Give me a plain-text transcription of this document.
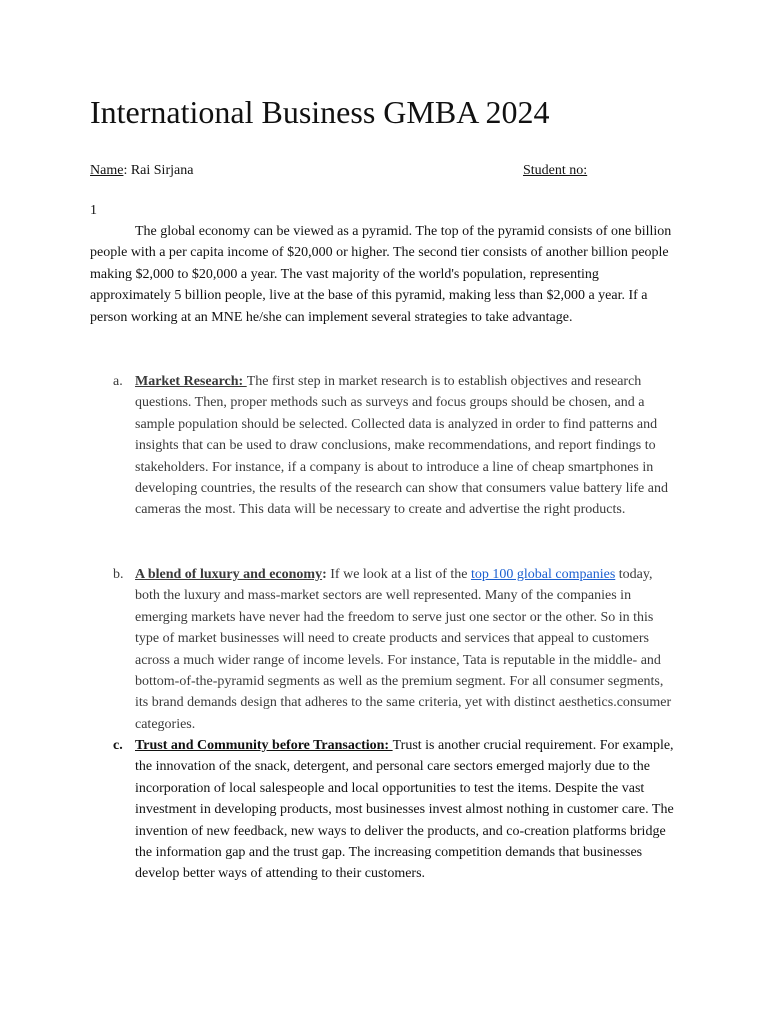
International Business GMBA 2024
Name: Rai Sirjana	Student no:
1

The global economy can be viewed as a pyramid. The top of the pyramid consists of one billion people with a per capita income of $20,000 or higher. The second tier consists of another billion people making $2,000 to $20,000 a year. The vast majority of the world's population, representing approximately 5 billion people, live at the base of this pyramid, making less than $2,000 a year. If a person working at an MNE he/she can implement several strategies to take advantage.

a. Market Research: The first step in market research is to establish objectives and research questions. Then, proper methods such as surveys and focus groups should be chosen, and a sample population should be selected. Collected data is analyzed in order to find patterns and insights that can be used to draw conclusions, make recommendations, and report findings to stakeholders. For instance, if a company is about to introduce a line of cheap smartphones in developing countries, the results of the research can show that consumers value battery life and cameras the most. This data will be necessary to create and advertise the right products.

b. A blend of luxury and economy: If we look at a list of the top 100 global companies today, both the luxury and mass-market sectors are well represented. Many of the companies in emerging markets have never had the freedom to serve just one sector or the other. So in this type of market businesses will need to create products and services that appeal to customers across a much wider range of income levels. For instance, Tata is reputable in the middle- and bottom-of-the-pyramid segments as well as the premium segment. For all consumer segments, its brand demands design that adheres to the same criteria, yet with distinct aesthetics.consumer categories.

c. Trust and Community before Transaction: Trust is another crucial requirement. For example, the innovation of the snack, detergent, and personal care sectors emerged majorly due to the incorporation of local salespeople and local opportunities to test the items. Despite the vast investment in developing products, most businesses invest almost nothing in customer care. The invention of new feedback, new ways to deliver the products, and co-creation platforms bridge the information gap and the trust gap. The increasing competition demands that businesses develop better ways of attending to their customers.
